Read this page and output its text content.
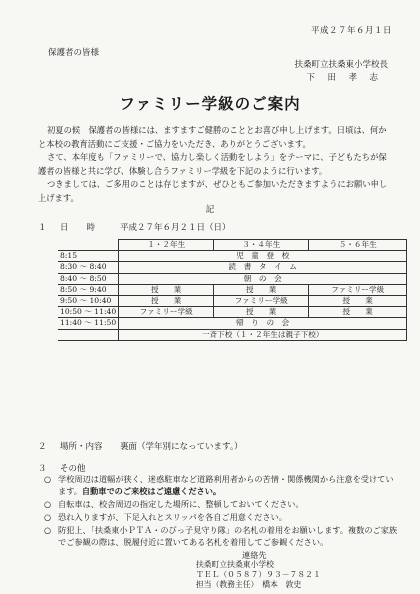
平成２７年６月１日
保護者の皆様
扶桑町立扶桑東小学校長
下　田　孝　志
ファミリー学級のご案内
初夏の候　保護者の皆様には、ますますご健勝のこととお喜び申し上げます。日頃は、何かと本校の教育活動にご支援・ご協力をいただき、ありがとうございます。
さて、本年度も「ファミリーで、協力し楽しく活動をしよう」をテーマに、子どもたちが保護者の皆様と共に学び、体験し合うファミリー学級を下記のように行います。
つきましては、ご多用のことは存じますが、ぜひともご参加いただきますようにお願い申し上げます。
記
１ 日時 平成２７年６月２１日（日）
	１・２年生	３・４年生	５・６年生
8:15	児　童　登　校		
8:30 ～ 8:40	読　書　タ　イ　ム		
8:40 ～ 8:50	朝　の　会		
8:50 ～ 9:40	授　　業	授　　業	ファミリー学級
9:50 ～ 10:40	授　　業	ファミリー学級	授　　業
10:50 ～ 11:40	ファミリー学級	授　　業	授　　業
11:40 ～ 11:50	帰　り　の　会		
	一斉下校（１・２年生は親子下校）		
２ 場所・内容 裏面（学年別になっています。）
３ その他
○ 学校周辺は道幅が狭く、迷惑駐車など道路利用者からの苦情・関係機関から注意を受けています。自動車でのご来校はご遠慮ください。
○ 自転車は、校舎周辺の指定した場所に、整頓しておいてください。
○ 恐れ入りますが、下足入れとスリッパを各自ご用意ください。
○ 防犯上、「扶桑東小ＰＴＡ・のびっ子見守り隊」の名札の着用をお願いします。複数のご家族でご参観の際は、脱履付近に置いてある名札を着用してご参観ください。
連絡先
扶桑町立扶桑東小学校
ＴＥＬ（０５８７）９３－７８２１
担当（教務主任）　橋本　敦史
